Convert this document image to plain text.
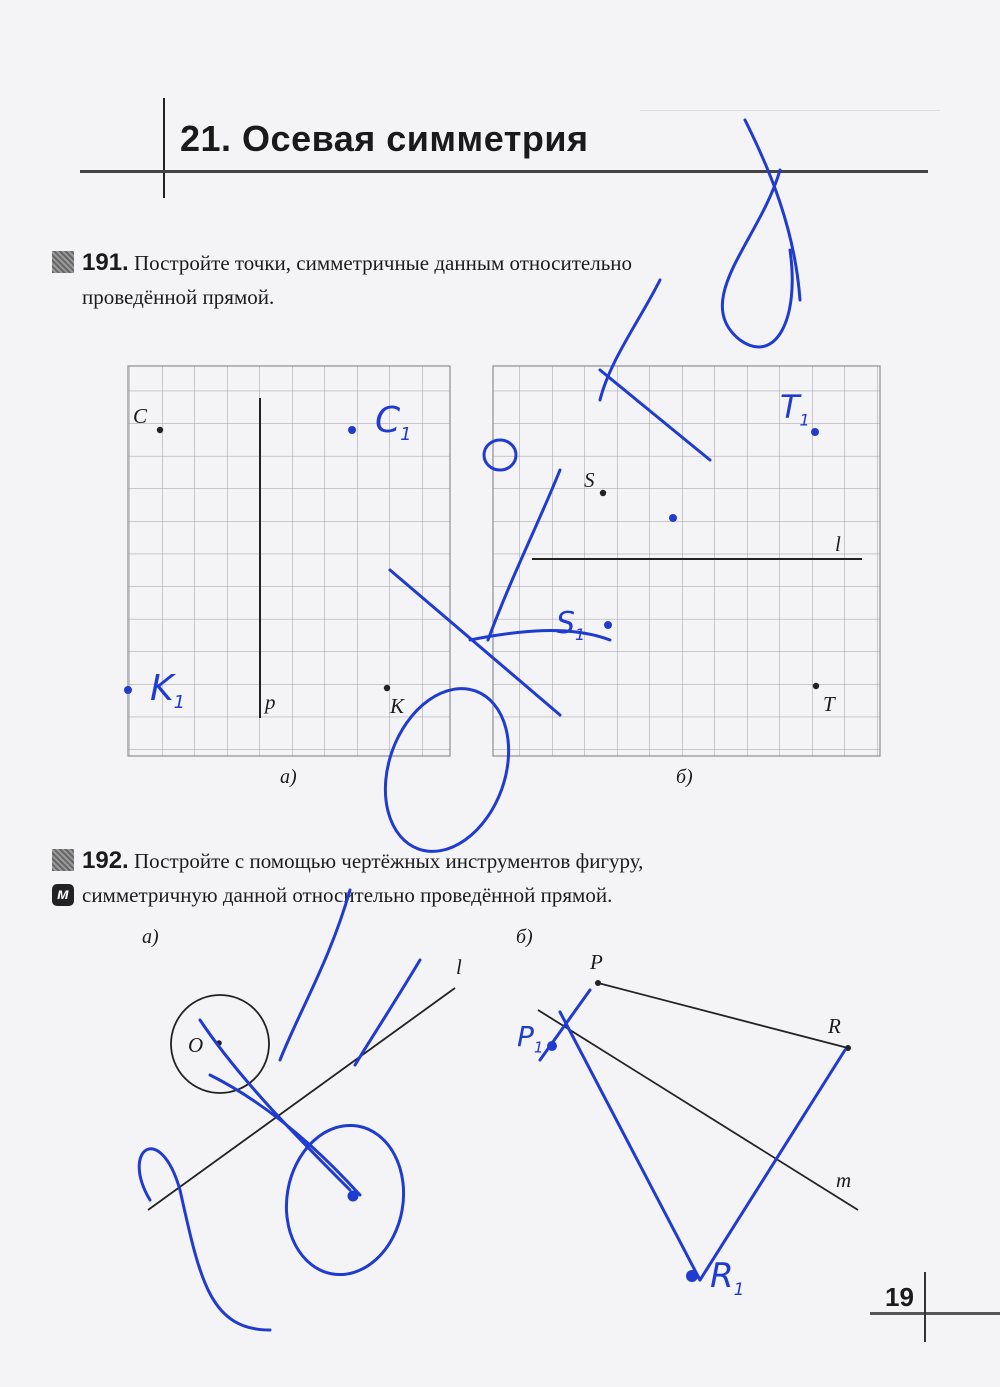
21. Осевая симметрия
191. Постройте точки, симметричные данным относительно
проведённой прямой.
C
K
p
S
T
l
а)	б)
192. Постройте с помощью чертёжных инструментов фигуру,
м симметричную данной относительно проведённой прямой.
а)	б)
l
O
P
R
m
$C_1$
$K_1$
$T_1$
$S_1$
$P_1$
$R_1$	19
